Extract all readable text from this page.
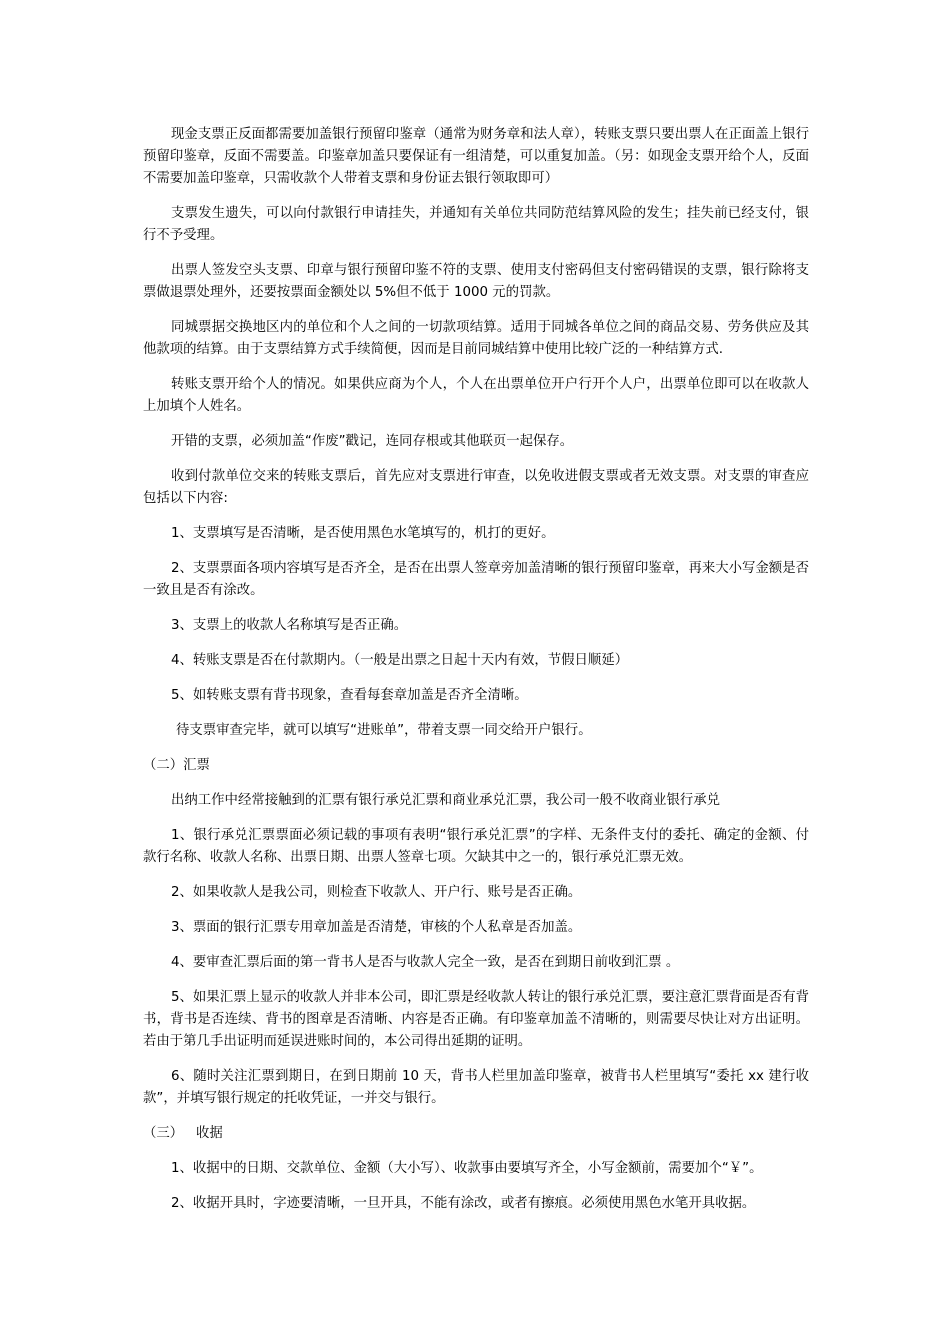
现金支票正反面都需要加盖银行预留印鉴章（通常为财务章和法人章），转账支票只要出票人在正面盖上银行预留印鉴章，反面不需要盖。印鉴章加盖只要保证有一组清楚，可以重复加盖。（另：如现金支票开给个人，反面不需要加盖印鉴章，只需收款个人带着支票和身份证去银行领取即可）

支票发生遗失，可以向付款银行申请挂失，并通知有关单位共同防范结算风险的发生；挂失前已经支付，银行不予受理。

出票人签发空头支票、印章与银行预留印鉴不符的支票、使用支付密码但支付密码错误的支票，银行除将支票做退票处理外，还要按票面金额处以 5%但不低于 1000 元的罚款。

同城票据交换地区内的单位和个人之间的一切款项结算。适用于同城各单位之间的商品交易、劳务供应及其他款项的结算。由于支票结算方式手续简便，因而是目前同城结算中使用比较广泛的一种结算方式.

转账支票开给个人的情况。如果供应商为个人，个人在出票单位开户行开个人户，出票单位即可以在收款人上加填个人姓名。

开错的支票，必须加盖“作废”戳记，连同存根或其他联页一起保存。

收到付款单位交来的转账支票后，首先应对支票进行审查，以免收进假支票或者无效支票。对支票的审查应包括以下内容:

1、支票填写是否清晰，是否使用黑色水笔填写的，机打的更好。

2、支票票面各项内容填写是否齐全，是否在出票人签章旁加盖清晰的银行预留印鉴章，再来大小写金额是否一致且是否有涂改。

3、支票上的收款人名称填写是否正确。

4、转账支票是否在付款期内。（一般是出票之日起十天内有效，节假日顺延）

5、如转账支票有背书现象，查看每套章加盖是否齐全清晰。

待支票审查完毕，就可以填写“进账单”，带着支票一同交给开户银行。

（二）汇票

出纳工作中经常接触到的汇票有银行承兑汇票和商业承兑汇票，我公司一般不收商业银行承兑

1、银行承兑汇票票面必须记载的事项有表明“银行承兑汇票”的字样、无条件支付的委托、确定的金额、付款行名称、收款人名称、出票日期、出票人签章七项。欠缺其中之一的，银行承兑汇票无效。

2、如果收款人是我公司，则检查下收款人、开户行、账号是否正确。

3、票面的银行汇票专用章加盖是否清楚，审核的个人私章是否加盖。

4、要审查汇票后面的第一背书人是否与收款人完全一致，是否在到期日前收到汇票 。

5、如果汇票上显示的收款人并非本公司，即汇票是经收款人转让的银行承兑汇票，要注意汇票背面是否有背书，背书是否连续、背书的图章是否清晰、内容是否正确。有印鉴章加盖不清晰的，则需要尽快让对方出证明。若由于第几手出证明而延误进账时间的，本公司得出延期的证明。

6、随时关注汇票到期日，在到日期前 10 天，背书人栏里加盖印鉴章，被背书人栏里填写“委托 xx 建行收款”，并填写银行规定的托收凭证，一并交与银行。

（三）   收据

1、收据中的日期、交款单位、金额（大小写）、收款事由要填写齐全，小写金额前，需要加个“￥”。

2、收据开具时，字迹要清晰，一旦开具，不能有涂改，或者有擦痕。必须使用黑色水笔开具收据。
